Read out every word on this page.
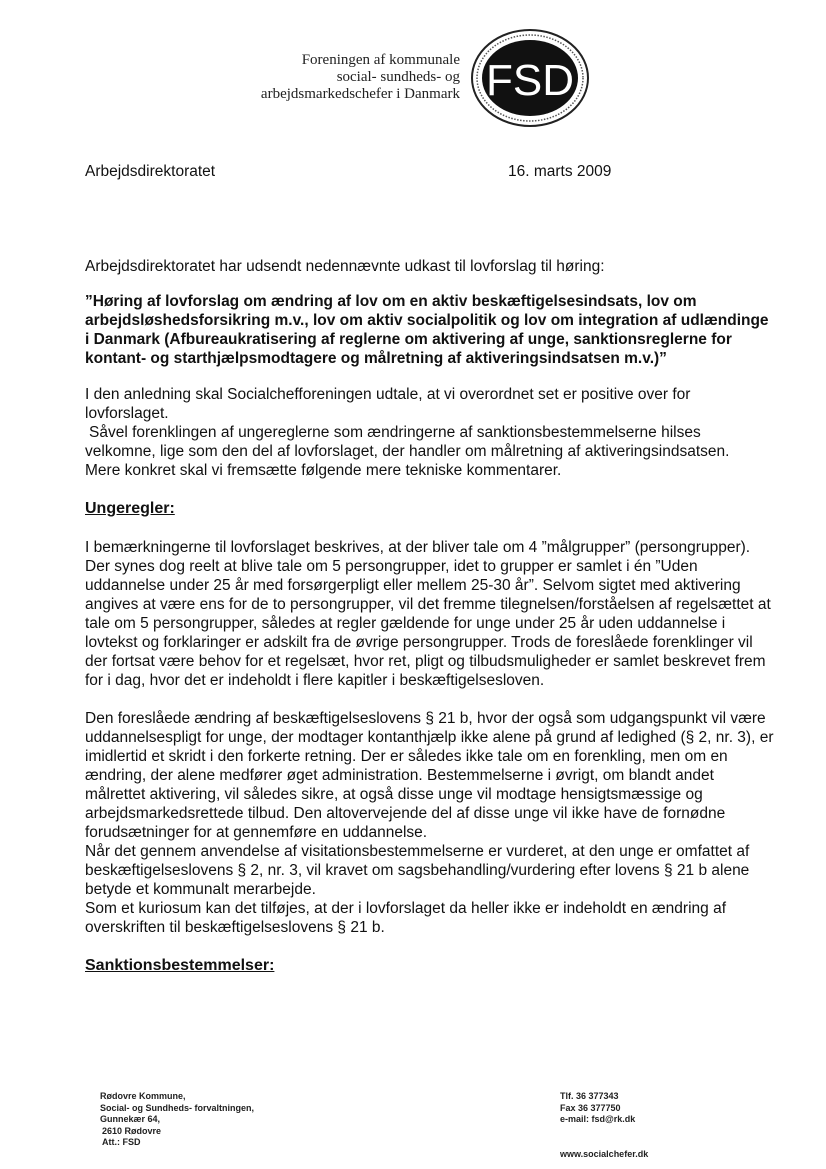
Foreningen af kommunale
social- sundheds- og
arbejdsmarkedschefer i Danmark FSD
Arbejdsdirektoratet	16. marts 2009

Arbejdsdirektoratet har udsendt nedennævnte udkast til lovforslag til høring:

”Høring af lovforslag om ændring af lov om en aktiv beskæftigelsesindsats, lov om arbejdsløshedsforsikring m.v., lov om aktiv socialpolitik og lov om integration af udlændinge i Danmark (Afbureaukratisering af reglerne om aktivering af unge, sanktionsreglerne for kontant- og starthjælpsmodtagere og målretning af aktiveringsindsatsen m.v.)”

I den anledning skal Socialchefforeningen udtale, at vi overordnet set er positive over for lovforslaget.

Såvel forenklingen af ungereglerne som ændringerne af sanktionsbestemmelserne hilses velkomne, lige som den del af lovforslaget, der handler om målretning af aktiveringsindsatsen.

Mere konkret skal vi fremsætte følgende mere tekniske kommentarer.

Ungeregler:

I bemærkningerne til lovforslaget beskrives, at der bliver tale om 4 ”målgrupper” (persongrupper). Der synes dog reelt at blive tale om 5 persongrupper, idet to grupper er samlet i én ”Uden uddannelse under 25 år med forsørgerpligt eller mellem 25-30 år”. Selvom sigtet med aktivering angives at være ens for de to persongrupper, vil det fremme tilegnelsen/forståelsen af regelsættet at tale om 5 persongrupper, således at regler gældende for unge under 25 år uden uddannelse i lovtekst og forklaringer er adskilt fra de øvrige persongrupper. Trods de foreslåede forenklinger vil der fortsat være behov for et regelsæt, hvor ret, pligt og tilbudsmuligheder er samlet beskrevet frem for i dag, hvor det er indeholdt i flere kapitler i beskæftigelsesloven.

Den foreslåede ændring af beskæftigelseslovens § 21 b, hvor der også som udgangspunkt vil være uddannelsespligt for unge, der modtager kontanthjælp ikke alene på grund af ledighed (§ 2, nr. 3), er imidlertid et skridt i den forkerte retning. Der er således ikke tale om en forenkling, men om en ændring, der alene medfører øget administration. Bestemmelserne i øvrigt, om blandt andet målrettet aktivering, vil således sikre, at også disse unge vil modtage hensigtsmæssige og arbejdsmarkedsrettede tilbud. Den altovervejende del af disse unge vil ikke have de fornødne forudsætninger for at gennemføre en uddannelse.

Når det gennem anvendelse af visitationsbestemmelserne er vurderet, at den unge er omfattet af beskæftigelseslovens § 2, nr. 3, vil kravet om sagsbehandling/vurdering efter lovens § 21 b alene betyde et kommunalt merarbejde.

Som et kuriosum kan det tilføjes, at der i lovforslaget da heller ikke er indeholdt en ændring af overskriften til beskæftigelseslovens § 21 b.

Sanktionsbestemmelser:

Rødovre Kommune,
Social- og Sundheds- forvaltningen,
Gunnekær 64,
2610 Rødovre
Att.: FSD
Tlf. 36 377343
Fax 36 377750
e-mail: fsd@rk.dk
www.socialchefer.dk
